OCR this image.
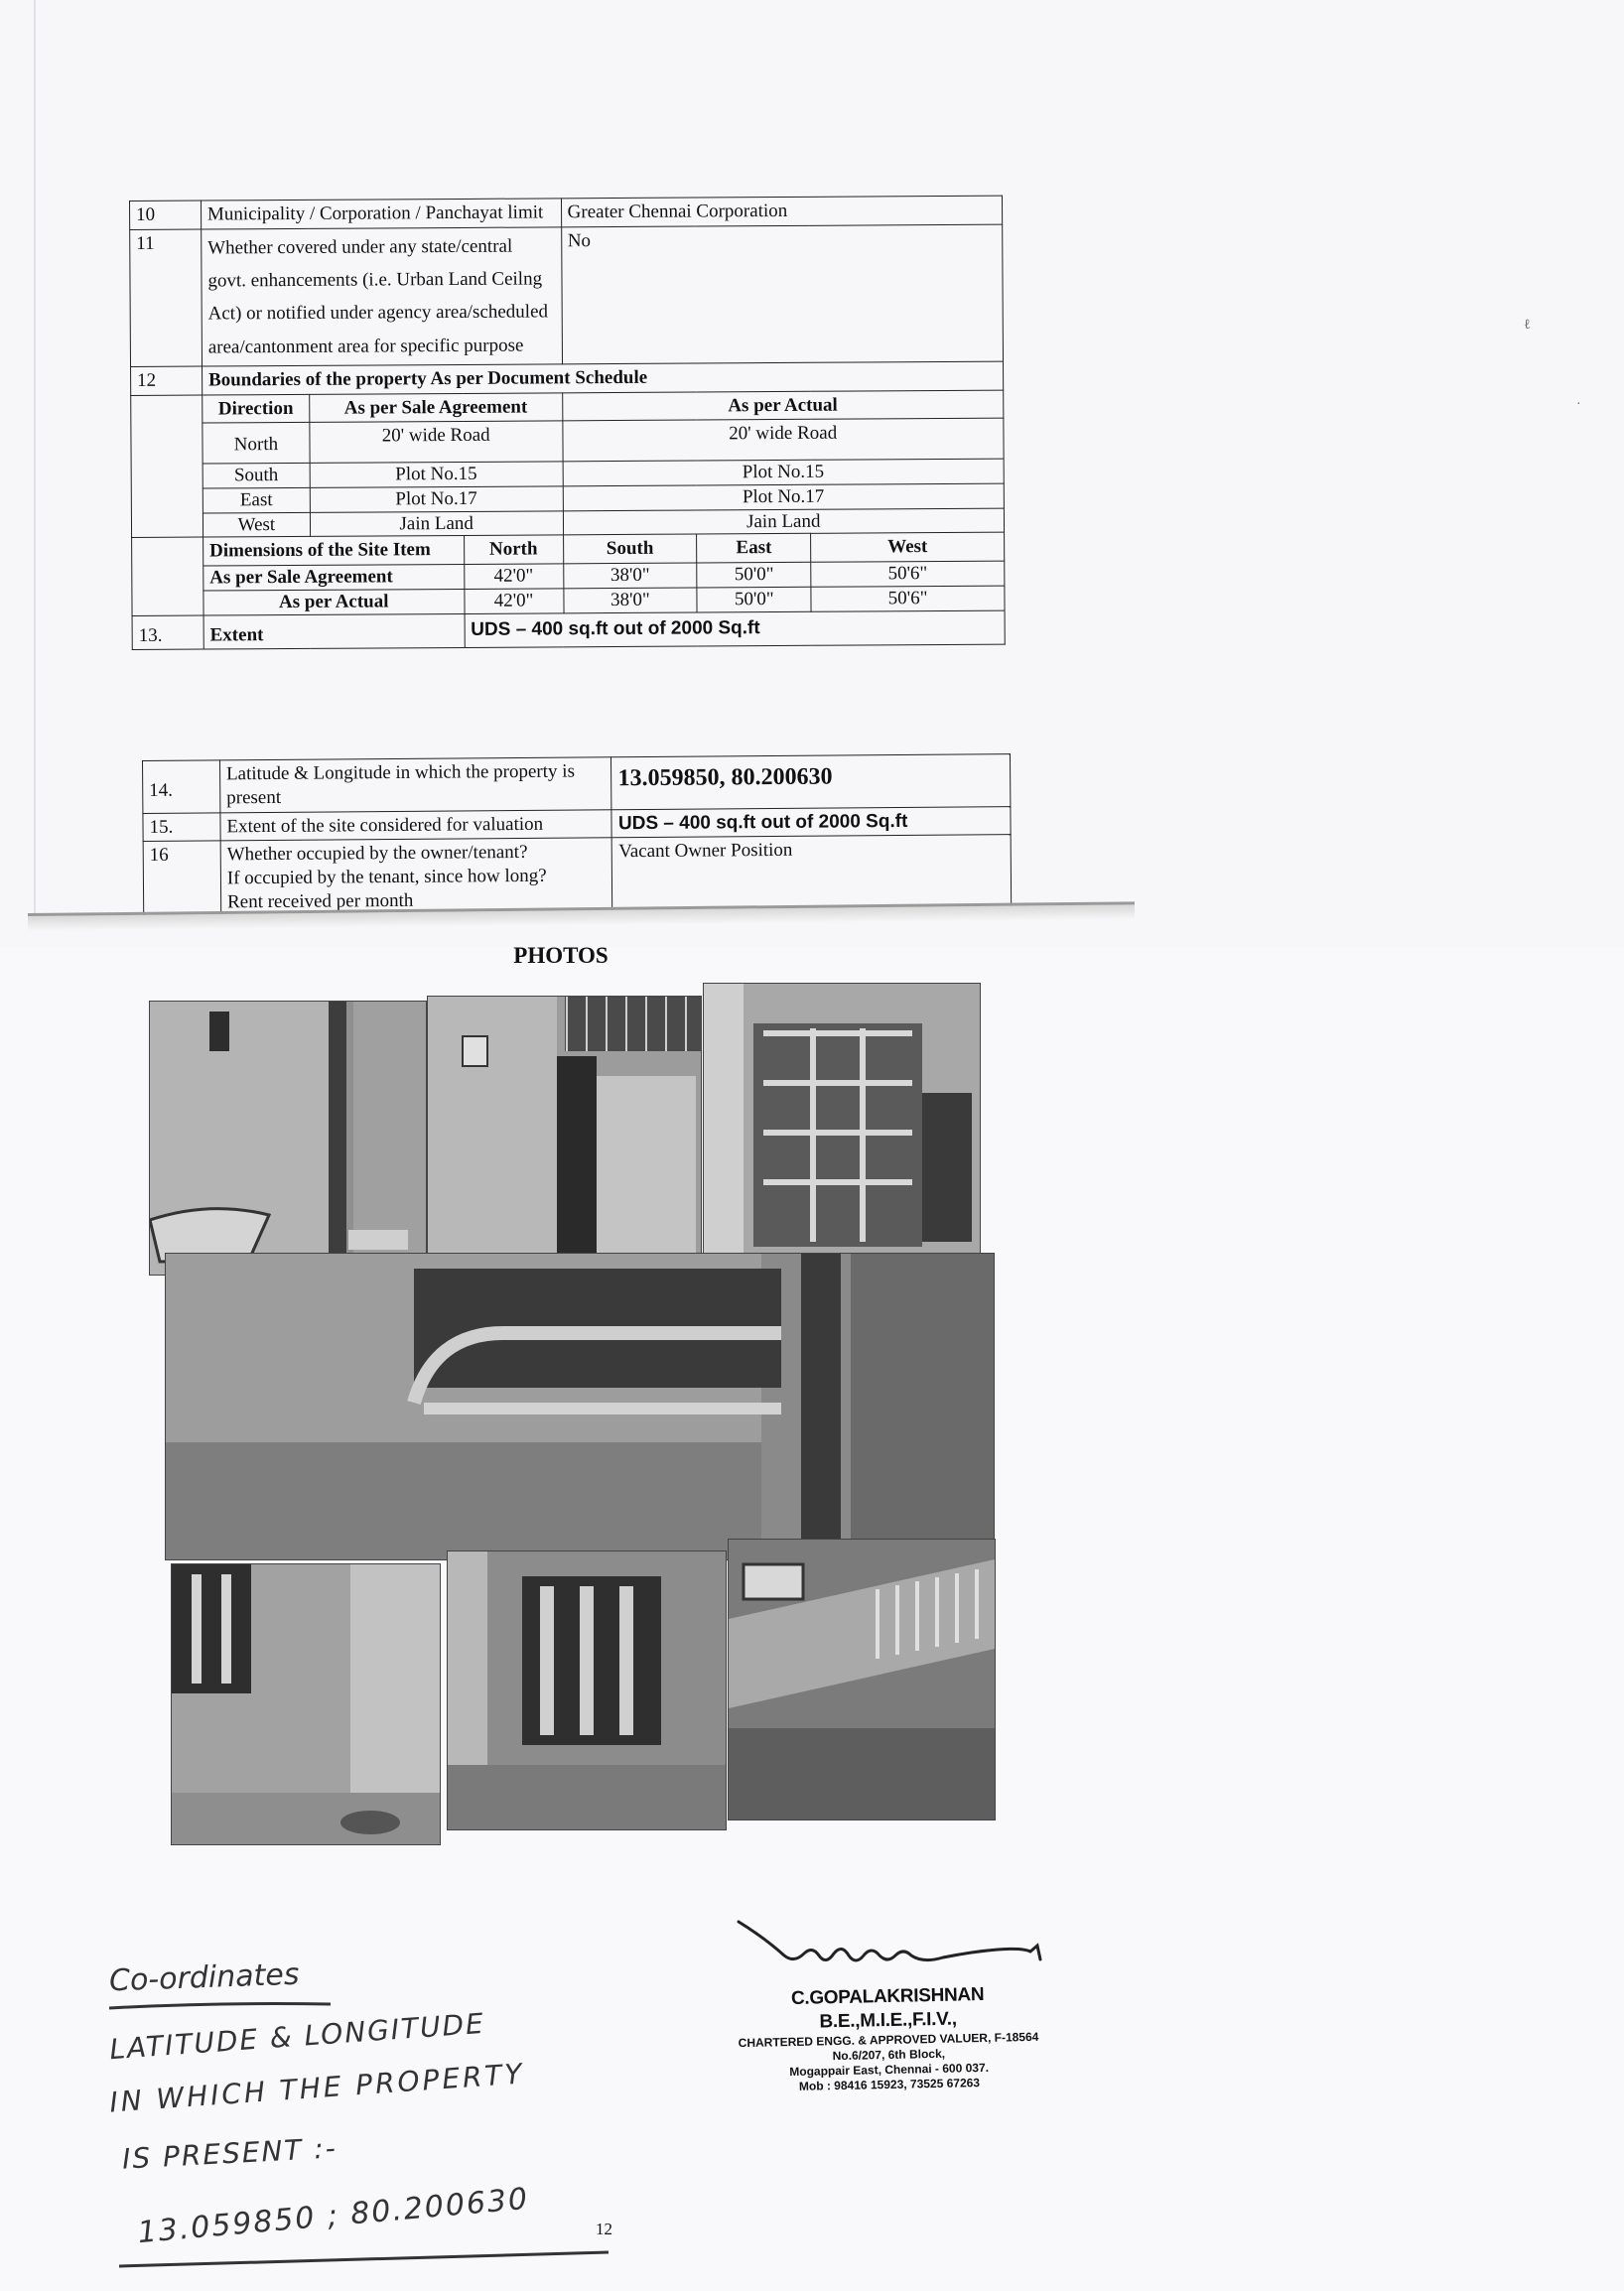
10	Municipality / Corporation / Panchayat limit			Greater Chennai Corporation		
11	Whether covered under any state/central
govt. enhancements (i.e. Urban Land Ceilng
Act) or notified under agency area/scheduled
area/cantonment area for specific purpose			No		
12	Boundaries of the property As per Document Schedule					
	Direction	As per Sale Agreement		As per Actual		
	North	20' wide Road		20' wide Road		
	South	Plot No.15		Plot No.15		
	East	Plot No.17		Plot No.17		
	West	Jain Land		Jain Land		
	Dimensions of the Site Item		North	South	East	West
	As per Sale Agreement		42'0"	38'0"	50'0"	50'6"
	As per Actual		42'0"	38'0"	50'0"	50'6"
13.	Extent		UDS – 400 sq.ft out of 2000 Sq.ft			
14.	Latitude & Longitude in which the property is present	13.059850, 80.200630
15.	Extent of the site considered for valuation	UDS – 400 sq.ft out of 2000 Sq.ft
16	Whether occupied by the owner/tenant?
If occupied by the tenant, since how long?
Rent received per month	Vacant Owner Position
PHOTOS
C.GOPALAKRISHNAN B.E.,M.I.E.,F.I.V.,
CHARTERED ENGG. & APPROVED VALUER, F-18564
No.6/207, 6th Block,
Mogappair East, Chennai - 600 037.
Mob : 98416 15923, 73525 67263
Co-ordinates
LATITUDE & LONGITUDE
IN WHICH THE PROPERTY
IS PRESENT :-
13.059850 ; 80.200630	12
ℓ
·
